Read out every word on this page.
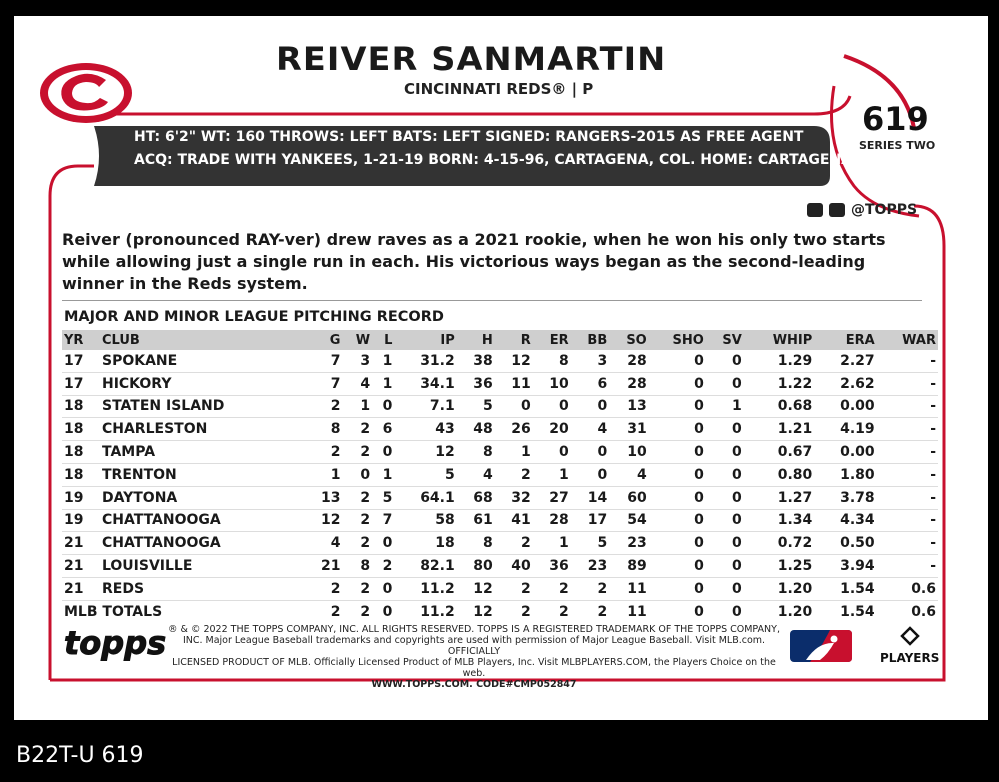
REIVER SANMARTIN
CINCINNATI REDS® | P
619
SERIES TWO
HT: 6'2" WT: 160 THROWS: LEFT BATS: LEFT SIGNED: RANGERS-2015 AS FREE AGENT
ACQ: TRADE WITH YANKEES, 1-21-19 BORN: 4-15-96, CARTAGENA, COL. HOME: CARTAGENA, COL.
@TOPPS
Reiver (pronounced RAY-ver) drew raves as a 2021 rookie, when he won his only two starts while allowing just a single run in each. His victorious ways began as the second-leading winner in the Reds system.
MAJOR AND MINOR LEAGUE PITCHING RECORD
YR	CLUB	G	W	L	IP	H	R	ER	BB	SO	SHO	SV	WHIP	ERA	WAR
17	SPOKANE	7	3	1	31.2	38	12	8	3	28	0	0	1.29	2.27	-
17	HICKORY	7	4	1	34.1	36	11	10	6	28	0	0	1.22	2.62	-
18	STATEN ISLAND	2	1	0	7.1	5	0	0	0	13	0	1	0.68	0.00	-
18	CHARLESTON	8	2	6	43	48	26	20	4	31	0	0	1.21	4.19	-
18	TAMPA	2	2	0	12	8	1	0	0	10	0	0	0.67	0.00	-
18	TRENTON	1	0	1	5	4	2	1	0	4	0	0	0.80	1.80	-
19	DAYTONA	13	2	5	64.1	68	32	27	14	60	0	0	1.27	3.78	-
19	CHATTANOOGA	12	2	7	58	61	41	28	17	54	0	0	1.34	4.34	-
21	CHATTANOOGA	4	2	0	18	8	2	1	5	23	0	0	0.72	0.50	-
21	LOUISVILLE	21	8	2	82.1	80	40	36	23	89	0	0	1.25	3.94	-
21	REDS	2	2	0	11.2	12	2	2	2	11	0	0	1.20	1.54	0.6
MLB TOTALS		2	2	0	11.2	12	2	2	2	11	0	0	1.20	1.54	0.6
topps ® & © 2022 THE TOPPS COMPANY, INC. ALL RIGHTS RESERVED. TOPPS IS A REGISTERED TRADEMARK OF THE TOPPS COMPANY,
INC. Major League Baseball trademarks and copyrights are used with permission of Major League Baseball. Visit MLB.com. OFFICIALLY
LICENSED PRODUCT OF MLB. Officially Licensed Product of MLB Players, Inc. Visit MLBPLAYERS.COM, the Players Choice on the web.
WWW.TOPPS.COM. CODE#CMP052847
PLAYERS
B22T-U 619
